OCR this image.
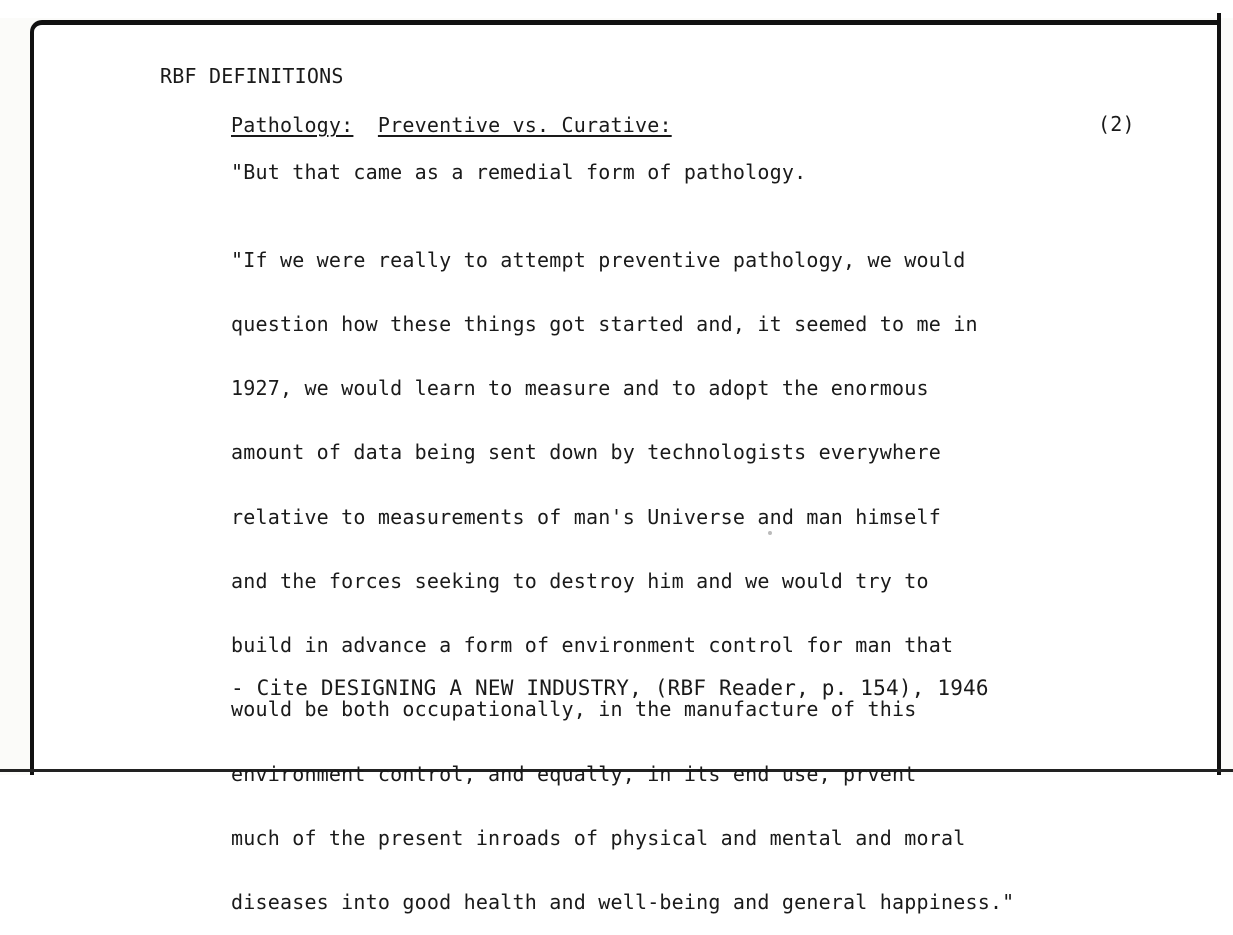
RBF DEFINITIONS
Pathology: Preventive vs. Curative:	(2)
"But that came as a remedial form of pathology.

"If we were really to attempt preventive pathology, we would

question how these things got started and, it seemed to me in

1927, we would learn to measure and to adopt the enormous

amount of data being sent down by technologists everywhere

relative to measurements of man's Universe and man himself

and the forces seeking to destroy him and we would try to

build in advance a form of environment control for man that

would be both occupationally, in the manufacture of this

environment control, and equally, in its end use, prvent

much of the present inroads of physical and mental and moral

diseases into good health and well-being and general happiness."

- Cite DESIGNING A NEW INDUSTRY, (RBF Reader, p. 154), 1946
